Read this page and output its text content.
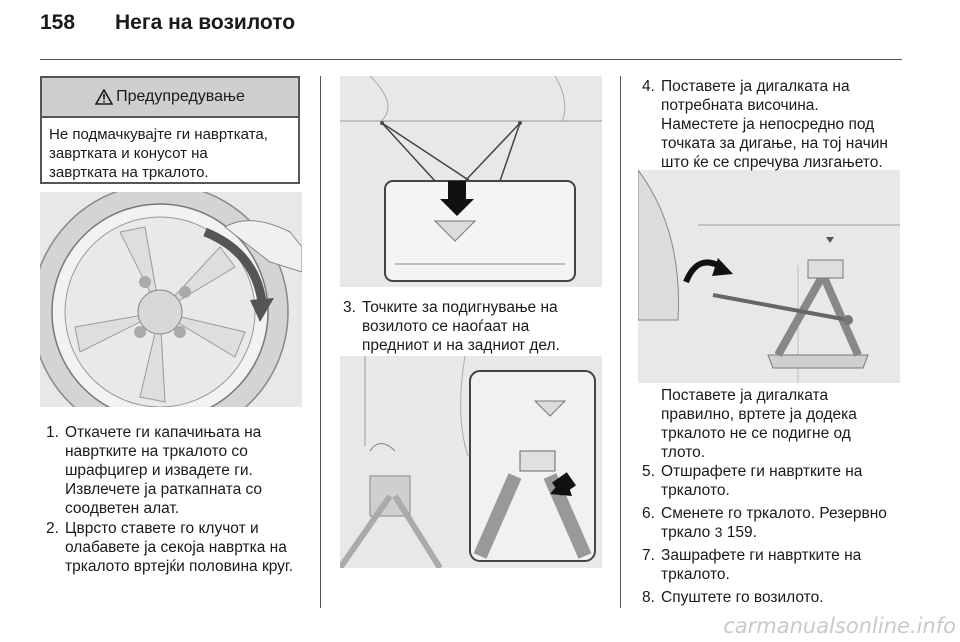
158 Нега на возилото
Предупредување
Не подмачкувајте ги навртката,
завртката и конусот на
завртката на тркалото.
1. Откачете ги капачињата на
навртките на тркалото со
шрафцигер и извадете ги.
Извлечете ја раткапната со
соодветен алат.
2. Цврсто ставете го клучот и
олабавете ја секоја навртка на
тркалото вртејќи половина круг.
3. Точките за подигнување на
возилото се наоѓаат на
предниот и на задниот дел.
4. Поставете ја дигалката на
потребната височина.
Наместете ја непосредно под
точката за дигање, на тој начин
што ќе се спречува лизгањето.
Поставете ја дигалката
правилно, вртете ја додека
тркалото не се подигне од
тлото.
5. Отшрафете ги навртките на
тркалото.
6. Сменете го тркалото. Резервно
тркало 3 159.
7. Зашрафете ги навртките на
тркалото.
8. Спуштете го возилото.
carmanualsonline.info
